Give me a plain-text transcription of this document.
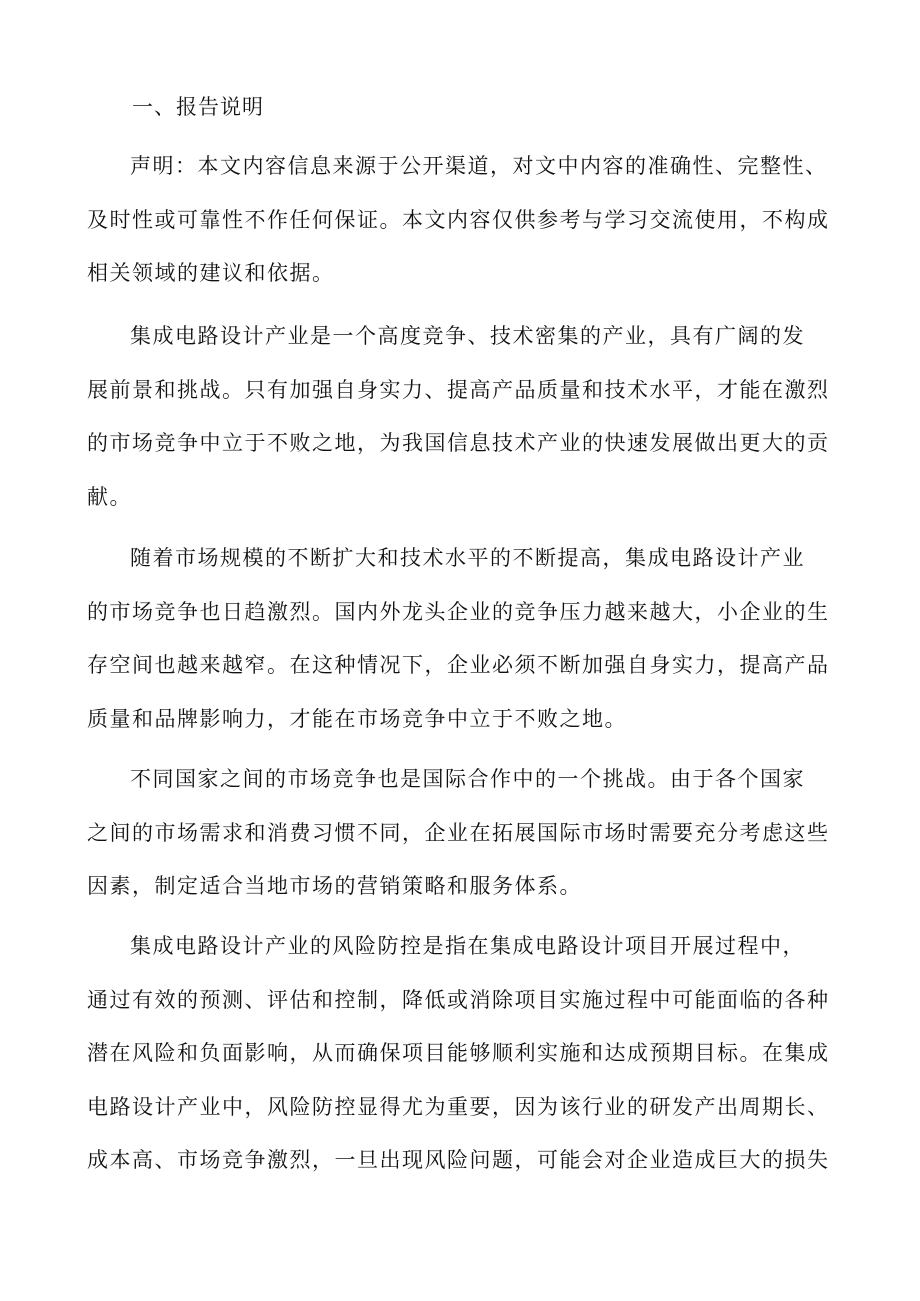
一、报告说明
声明：本文内容信息来源于公开渠道，对文中内容的准确性、完整性、
及时性或可靠性不作任何保证。本文内容仅供参考与学习交流使用，不构成
相关领域的建议和依据。
集成电路设计产业是一个高度竞争、技术密集的产业，具有广阔的发
展前景和挑战。只有加强自身实力、提高产品质量和技术水平，才能在激烈
的市场竞争中立于不败之地，为我国信息技术产业的快速发展做出更大的贡
献。
随着市场规模的不断扩大和技术水平的不断提高，集成电路设计产业
的市场竞争也日趋激烈。国内外龙头企业的竞争压力越来越大，小企业的生
存空间也越来越窄。在这种情况下，企业必须不断加强自身实力，提高产品
质量和品牌影响力，才能在市场竞争中立于不败之地。
不同国家之间的市场竞争也是国际合作中的一个挑战。由于各个国家
之间的市场需求和消费习惯不同，企业在拓展国际市场时需要充分考虑这些
因素，制定适合当地市场的营销策略和服务体系。
集成电路设计产业的风险防控是指在集成电路设计项目开展过程中，
通过有效的预测、评估和控制，降低或消除项目实施过程中可能面临的各种
潜在风险和负面影响，从而确保项目能够顺利实施和达成预期目标。在集成
电路设计产业中，风险防控显得尤为重要，因为该行业的研发产出周期长、
成本高、市场竞争激烈，一旦出现风险问题，可能会对企业造成巨大的损失
